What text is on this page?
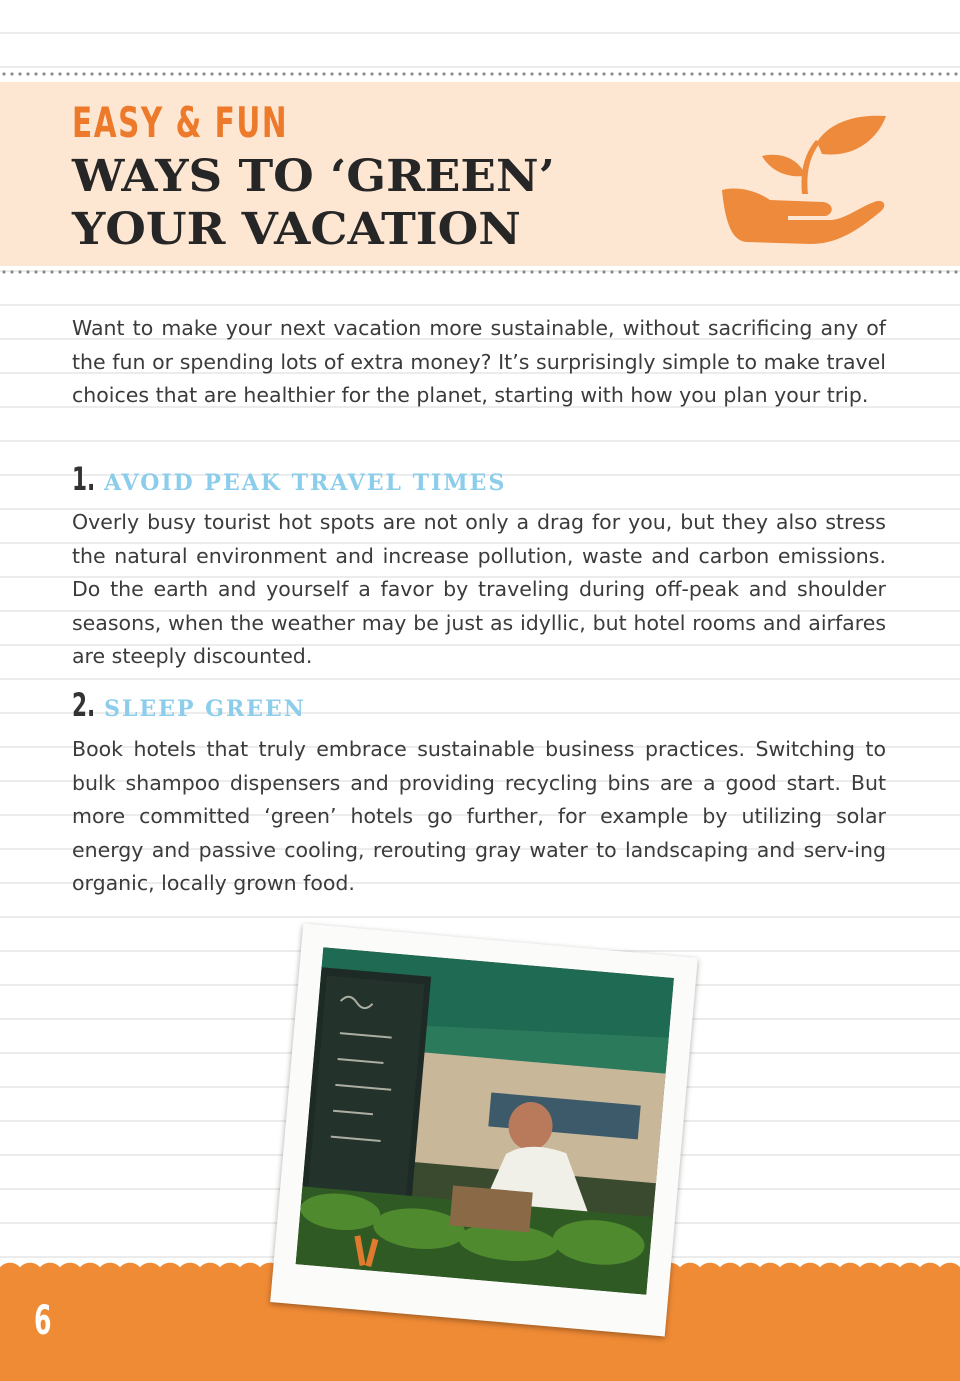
EASY & FUN
WAYS TO ‘GREEN’
YOUR VACATION

Want to make your next vacation more sustainable, without sacrificing any of the fun or spending lots of extra money? It’s surprisingly simple to make travel choices that are healthier for the planet, starting with how you plan your trip.

1. AVOID PEAK TRAVEL TIMES

Overly busy tourist hot spots are not only a drag for you, but they also stress the natural environment and increase pollution, waste and carbon emissions. Do the earth and yourself a favor by traveling during off-peak and shoulder seasons, when the weather may be just as idyllic, but hotel rooms and airfares are steeply discounted.

2. SLEEP GREEN

Book hotels that truly embrace sustainable business practices. Switching to bulk shampoo dispensers and providing recycling bins are a good start. But more committed ‘green’ hotels go further, for example by utilizing solar energy and passive cooling, rerouting gray water to landscaping and serv-ing organic, locally grown food.

6
